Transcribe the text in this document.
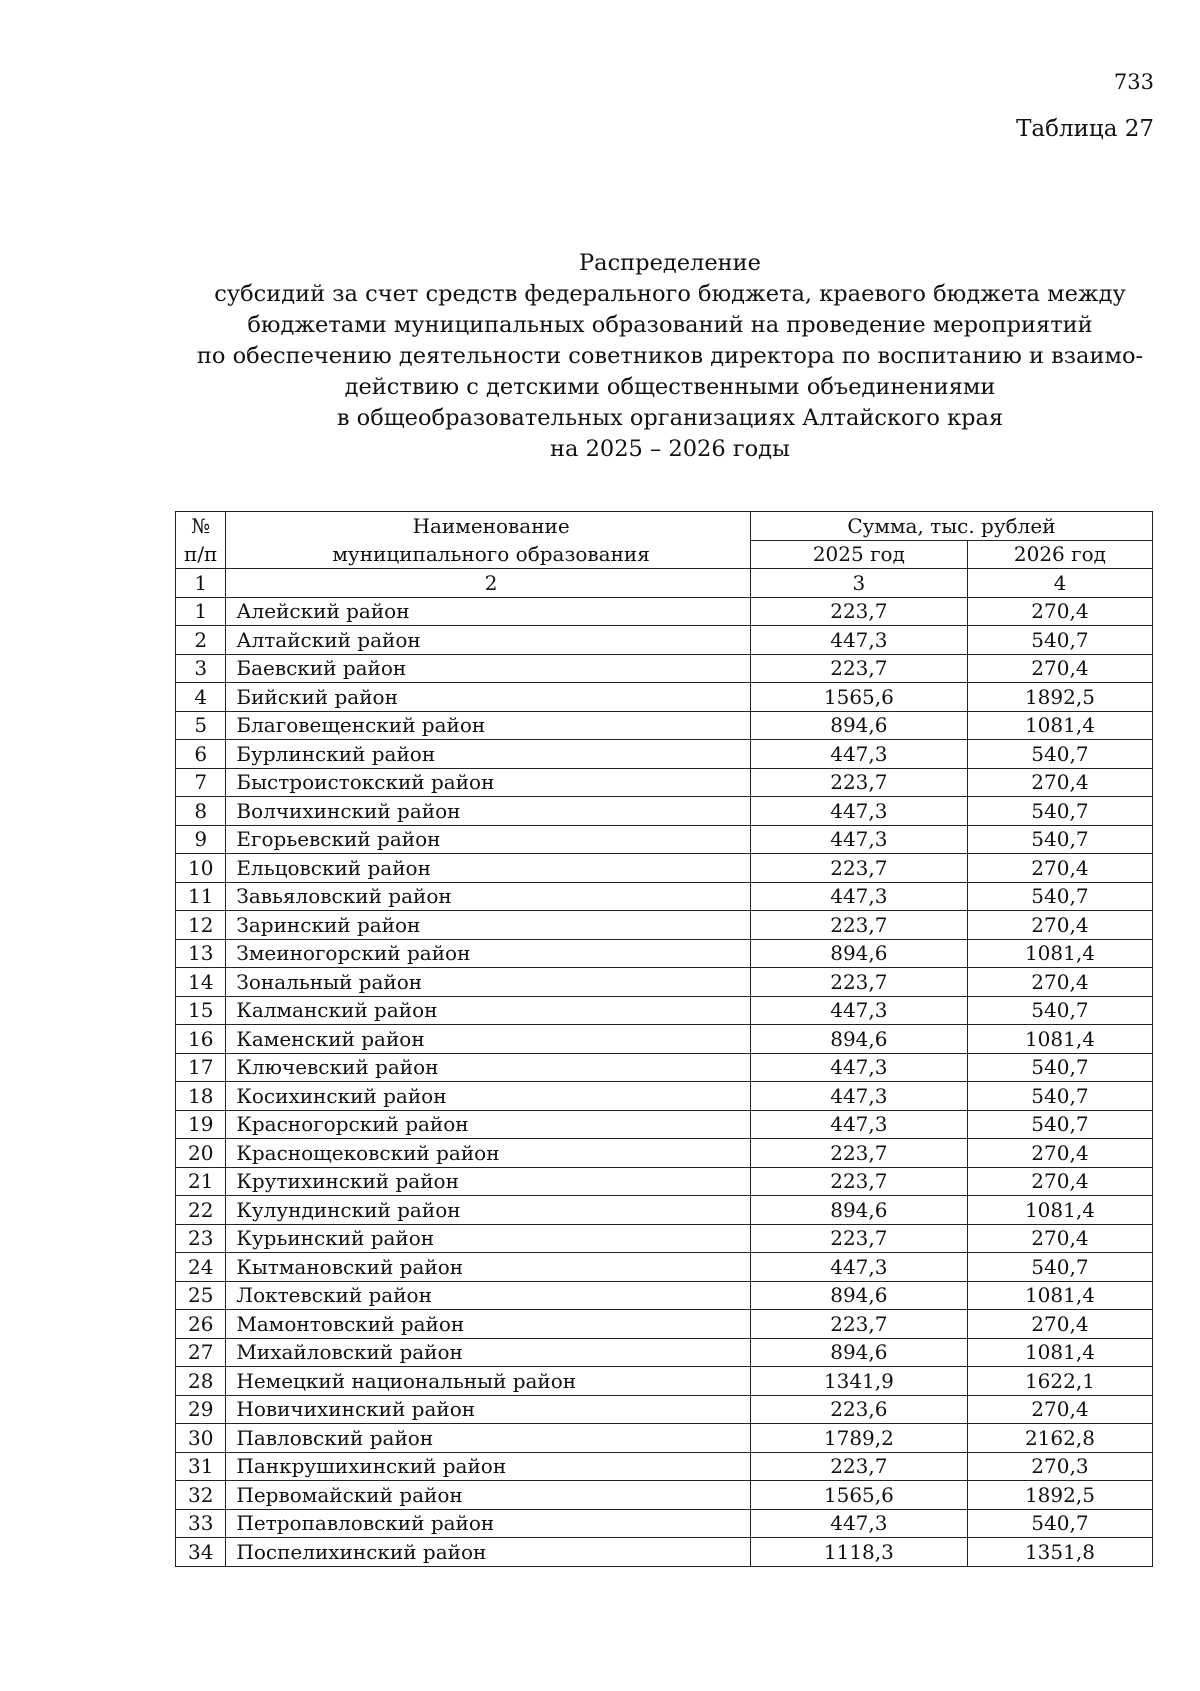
733
Таблица 27
Распределение
субсидий за счет средств федерального бюджета, краевого бюджета между
бюджетами муниципальных образований на проведение мероприятий
по обеспечению деятельности советников директора по воспитанию и взаимо-
действию с детскими общественными объединениями
в общеобразовательных организациях Алтайского края
на 2025 – 2026 годы
№	Наименование	Сумма, тыс. рублей	
п/п	муниципального образования	2025 год	2026 год
1	2	3	4
1	Алейский район	223,7	270,4
2	Алтайский район	447,3	540,7
3	Баевский район	223,7	270,4
4	Бийский район	1565,6	1892,5
5	Благовещенский район	894,6	1081,4
6	Бурлинский район	447,3	540,7
7	Быстроистокский район	223,7	270,4
8	Волчихинский район	447,3	540,7
9	Егорьевский район	447,3	540,7
10	Ельцовский район	223,7	270,4
11	Завьяловский район	447,3	540,7
12	Заринский район	223,7	270,4
13	Змеиногорский район	894,6	1081,4
14	Зональный район	223,7	270,4
15	Калманский район	447,3	540,7
16	Каменский район	894,6	1081,4
17	Ключевский район	447,3	540,7
18	Косихинский район	447,3	540,7
19	Красногорский район	447,3	540,7
20	Краснощековский район	223,7	270,4
21	Крутихинский район	223,7	270,4
22	Кулундинский район	894,6	1081,4
23	Курьинский район	223,7	270,4
24	Кытмановский район	447,3	540,7
25	Локтевский район	894,6	1081,4
26	Мамонтовский район	223,7	270,4
27	Михайловский район	894,6	1081,4
28	Немецкий национальный район	1341,9	1622,1
29	Новичихинский район	223,6	270,4
30	Павловский район	1789,2	2162,8
31	Панкрушихинский район	223,7	270,3
32	Первомайский район	1565,6	1892,5
33	Петропавловский район	447,3	540,7
34	Поспелихинский район	1118,3	1351,8
